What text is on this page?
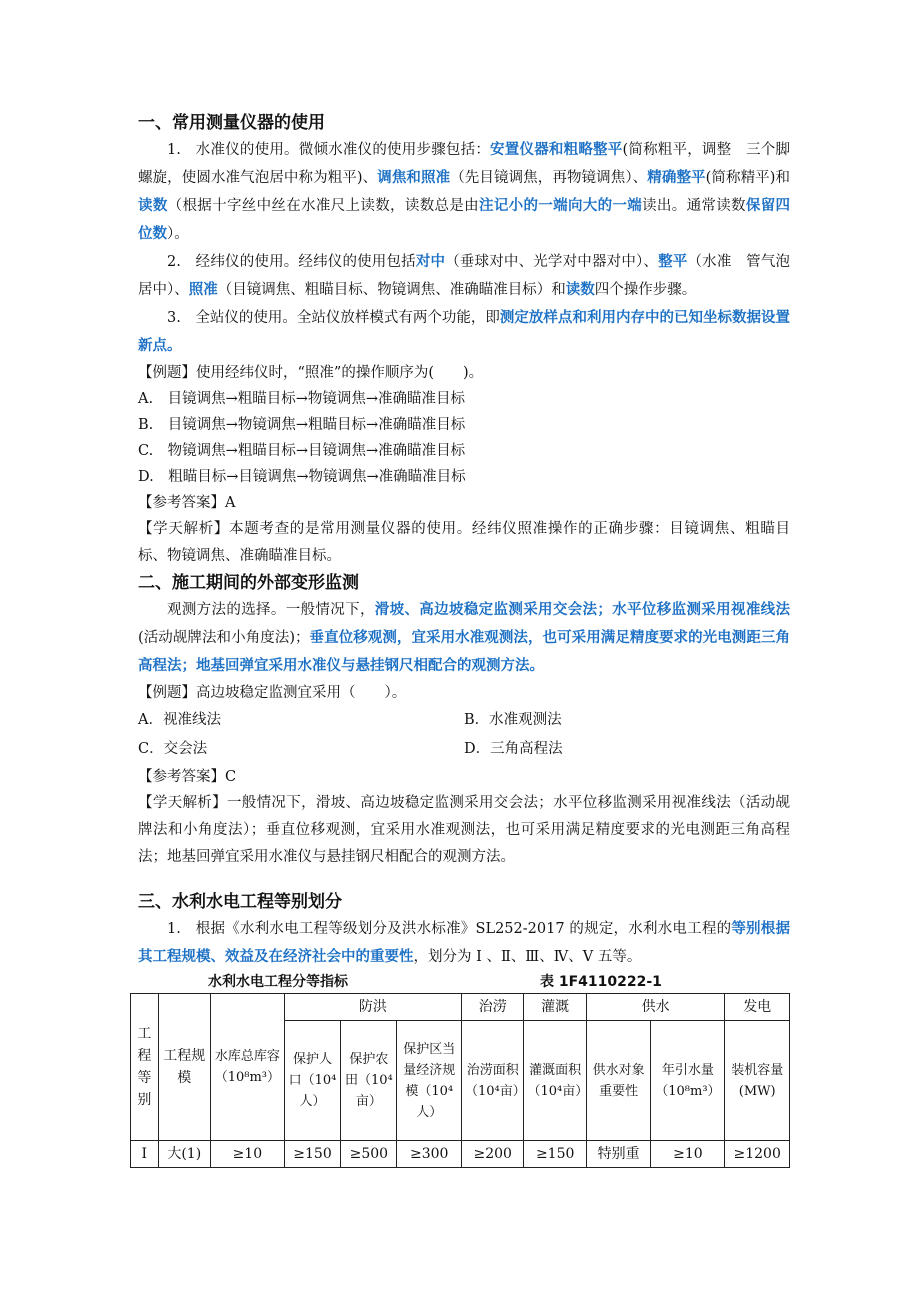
一、常用测量仪器的使用

1.　水准仪的使用。微倾水准仪的使用步骤包括：安置仪器和粗略整平(简称粗平，调整　三个脚螺旋，使圆水准气泡居中称为粗平)、调焦和照准（先目镜调焦，再物镜调焦）、精确整平(简称精平)和读数（根据十字丝中丝在水准尺上读数，读数总是由注记小的一端向大的一端读出。通常读数保留四位数）。

2.　经纬仪的使用。经纬仪的使用包括对中（垂球对中、光学对中器对中）、整平（水准　管气泡居中）、照准（目镜调焦、粗瞄目标、物镜调焦、准确瞄准目标）和读数四个操作步骤。

3.　全站仪的使用。全站仪放样模式有两个功能，即测定放样点和利用内存中的已知坐标数据设置新点。

【例题】使用经纬仪时，“照准”的操作顺序为(　　)。

A.　目镜调焦→粗瞄目标→物镜调焦→准确瞄准目标

B.　目镜调焦→物镜调焦→粗瞄目标→准确瞄准目标

C.　物镜调焦→粗瞄目标→目镜调焦→准确瞄准目标

D.　粗瞄目标→目镜调焦→物镜调焦→准确瞄准目标

【参考答案】A

【学天解析】本题考查的是常用测量仪器的使用。经纬仪照准操作的正确步骤：目镜调焦、粗瞄目标、物镜调焦、准确瞄准目标。

二、施工期间的外部变形监测

观测方法的选择。一般情况下，滑坡、高边坡稳定监测采用交会法；水平位移监测采用视准线法(活动觇牌法和小角度法)；垂直位移观测，宜采用水准观测法，也可采用满足精度要求的光电测距三角高程法；地基回弹宜采用水准仪与悬挂钢尺相配合的观测方法。

【例题】高边坡稳定监测宜采用（　　）。

A．视准线法	B．水准观测法
C．交会法	D．三角高程法

【参考答案】C

【学天解析】一般情况下，滑坡、高边坡稳定监测采用交会法；水平位移监测采用视准线法（活动觇牌法和小角度法）；垂直位移观测，宜采用水准观测法，也可采用满足精度要求的光电测距三角高程法；地基回弹宜采用水准仪与悬挂钢尺相配合的观测方法。

三、水利水电工程等别划分

1.　根据《水利水电工程等级划分及洪水标准》SL252-2017 的规定，水利水电工程的等别根据其工程规模、效益及在经济社会中的重要性，划分为 Ⅰ 、Ⅱ、Ⅲ、Ⅳ、Ⅴ 五等。

水利水电工程分等指标	表 1F4110222-1
工程等别	工程规模	水库总库容（10⁸m³）	防洪			治涝	灌溉	供水		发电
			保护人口（10⁴人）	保护农田（10⁴亩）	保护区当量经济规模（10⁴人）	治涝面积（10⁴亩）	灌溉面积（10⁴亩）	供水对象重要性	年引水量（10⁸m³）	装机容量(MW)
Ⅰ	大(1)	≥10	≥150	≥500	≥300	≥200	≥150	特别重	≥10	≥1200
